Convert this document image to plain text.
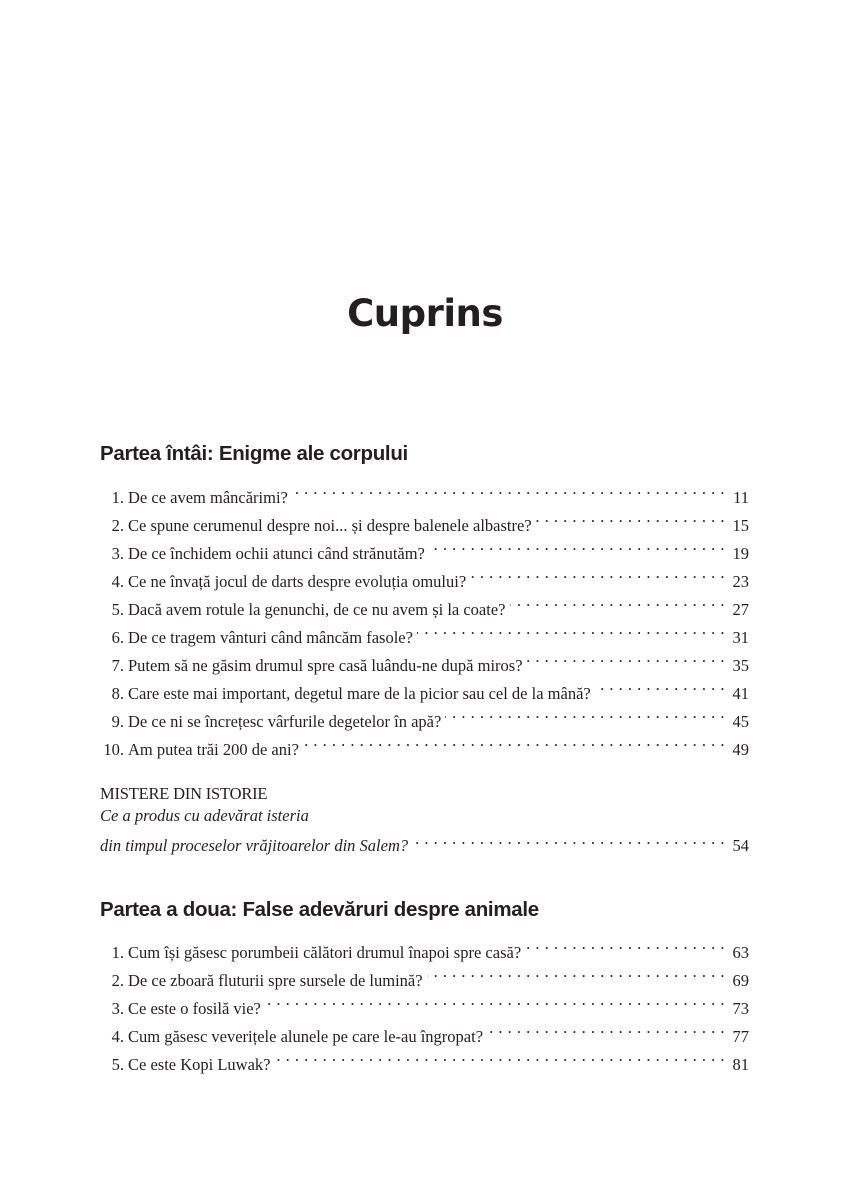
Cuprins
Partea întâi: Enigme ale corpului
1. De ce avem mâncărimi? . . .	11
2. Ce spune cerumenul despre noi... și despre balenele albastre? . . .	15
3. De ce închidem ochii atunci când strănutăm? . . .	19
4. Ce ne învață jocul de darts despre evoluția omului? . . .	23
5. Dacă avem rotule la genunchi, de ce nu avem și la coate? . . .	27
6. De ce tragem vânturi când mâncăm fasole? . . .	31
7. Putem să ne găsim drumul spre casă luându-ne după miros? . . .	35
8. Care este mai important, degetul mare de la picior sau cel de la mână? . . .	41
9. De ce ni se încrețesc vârfurile degetelor în apă? . . .	45
10. Am putea trăi 200 de ani? . . .	49
MISTERE DIN ISTORIE
Ce a produs cu adevărat isteria
din timpul proceselor vrăjitoarelor din Salem? . . .	54
Partea a doua: False adevăruri despre animale
1. Cum își găsesc porumbeii călători drumul înapoi spre casă? . . .	63
2. De ce zboară fluturii spre sursele de lumină? . . .	69
3. Ce este o fosilă vie? . . .	73
4. Cum găsesc veverițele alunele pe care le-au îngropat? . . .	77
5. Ce este Kopi Luwak? . . .	81
